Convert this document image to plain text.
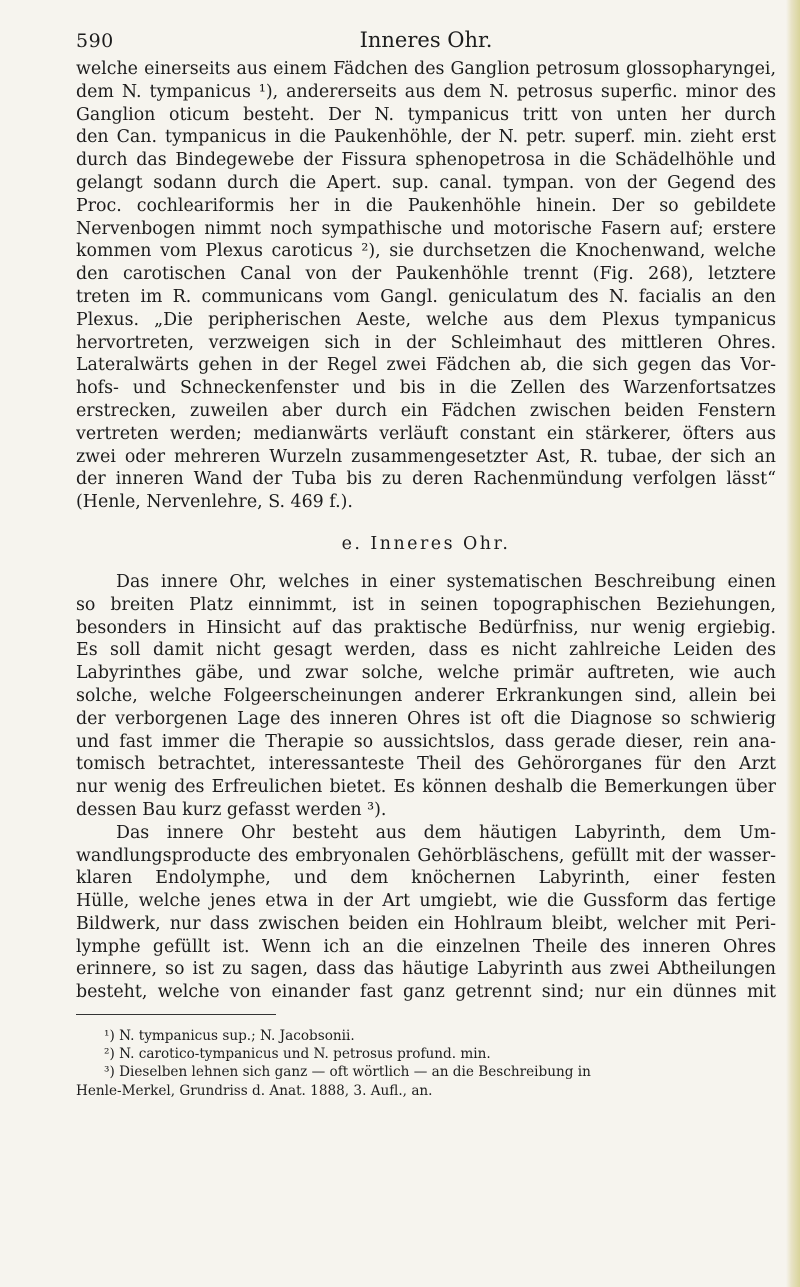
590	Inneres Ohr.
welche einerseits aus einem Fädchen des Ganglion petrosum glossopharyngei,
dem N. tympanicus ¹), andererseits aus dem N. petrosus superfic. minor des
Ganglion oticum besteht. Der N. tympanicus tritt von unten her durch
den Can. tympanicus in die Paukenhöhle, der N. petr. superf. min. zieht erst
durch das Bindegewebe der Fissura sphenopetrosa in die Schädelhöhle und
gelangt sodann durch die Apert. sup. canal. tympan. von der Gegend des
Proc. cochleariformis her in die Paukenhöhle hinein. Der so gebildete
Nervenbogen nimmt noch sympathische und motorische Fasern auf; erstere
kommen vom Plexus caroticus ²), sie durchsetzen die Knochenwand, welche
den carotischen Canal von der Paukenhöhle trennt (Fig. 268), letztere
treten im R. communicans vom Gangl. geniculatum des N. facialis an den
Plexus. „Die peripherischen Aeste, welche aus dem Plexus tympanicus
hervortreten, verzweigen sich in der Schleimhaut des mittleren Ohres.
Lateralwärts gehen in der Regel zwei Fädchen ab, die sich gegen das Vor-
hofs- und Schneckenfenster und bis in die Zellen des Warzenfortsatzes
erstrecken, zuweilen aber durch ein Fädchen zwischen beiden Fenstern
vertreten werden; medianwärts verläuft constant ein stärkerer, öfters aus
zwei oder mehreren Wurzeln zusammengesetzter Ast, R. tubae, der sich an
der inneren Wand der Tuba bis zu deren Rachenmündung verfolgen lässt“
(Henle, Nervenlehre, S. 469 f.).
e. Inneres Ohr.
Das innere Ohr, welches in einer systematischen Beschreibung einen
so breiten Platz einnimmt, ist in seinen topographischen Beziehungen,
besonders in Hinsicht auf das praktische Bedürfniss, nur wenig ergiebig.
Es soll damit nicht gesagt werden, dass es nicht zahlreiche Leiden des
Labyrinthes gäbe, und zwar solche, welche primär auftreten, wie auch
solche, welche Folgeerscheinungen anderer Erkrankungen sind, allein bei
der verborgenen Lage des inneren Ohres ist oft die Diagnose so schwierig
und fast immer die Therapie so aussichtslos, dass gerade dieser, rein ana-
tomisch betrachtet, interessanteste Theil des Gehörorganes für den Arzt
nur wenig des Erfreulichen bietet. Es können deshalb die Bemerkungen über
dessen Bau kurz gefasst werden ³).
Das innere Ohr besteht aus dem häutigen Labyrinth, dem Um-
wandlungsproducte des embryonalen Gehörbläschens, gefüllt mit der wasser-
klaren Endolymphe, und dem knöchernen Labyrinth, einer festen
Hülle, welche jenes etwa in der Art umgiebt, wie die Gussform das fertige
Bildwerk, nur dass zwischen beiden ein Hohlraum bleibt, welcher mit Peri-
lymphe gefüllt ist. Wenn ich an die einzelnen Theile des inneren Ohres
erinnere, so ist zu sagen, dass das häutige Labyrinth aus zwei Abtheilungen
besteht, welche von einander fast ganz getrennt sind; nur ein dünnes mit
¹) N. tympanicus sup.; N. Jacobsonii.
²) N. carotico-tympanicus und N. petrosus profund. min.
³) Dieselben lehnen sich ganz — oft wörtlich — an die Beschreibung in
Henle-Merkel, Grundriss d. Anat. 1888, 3. Aufl., an.
